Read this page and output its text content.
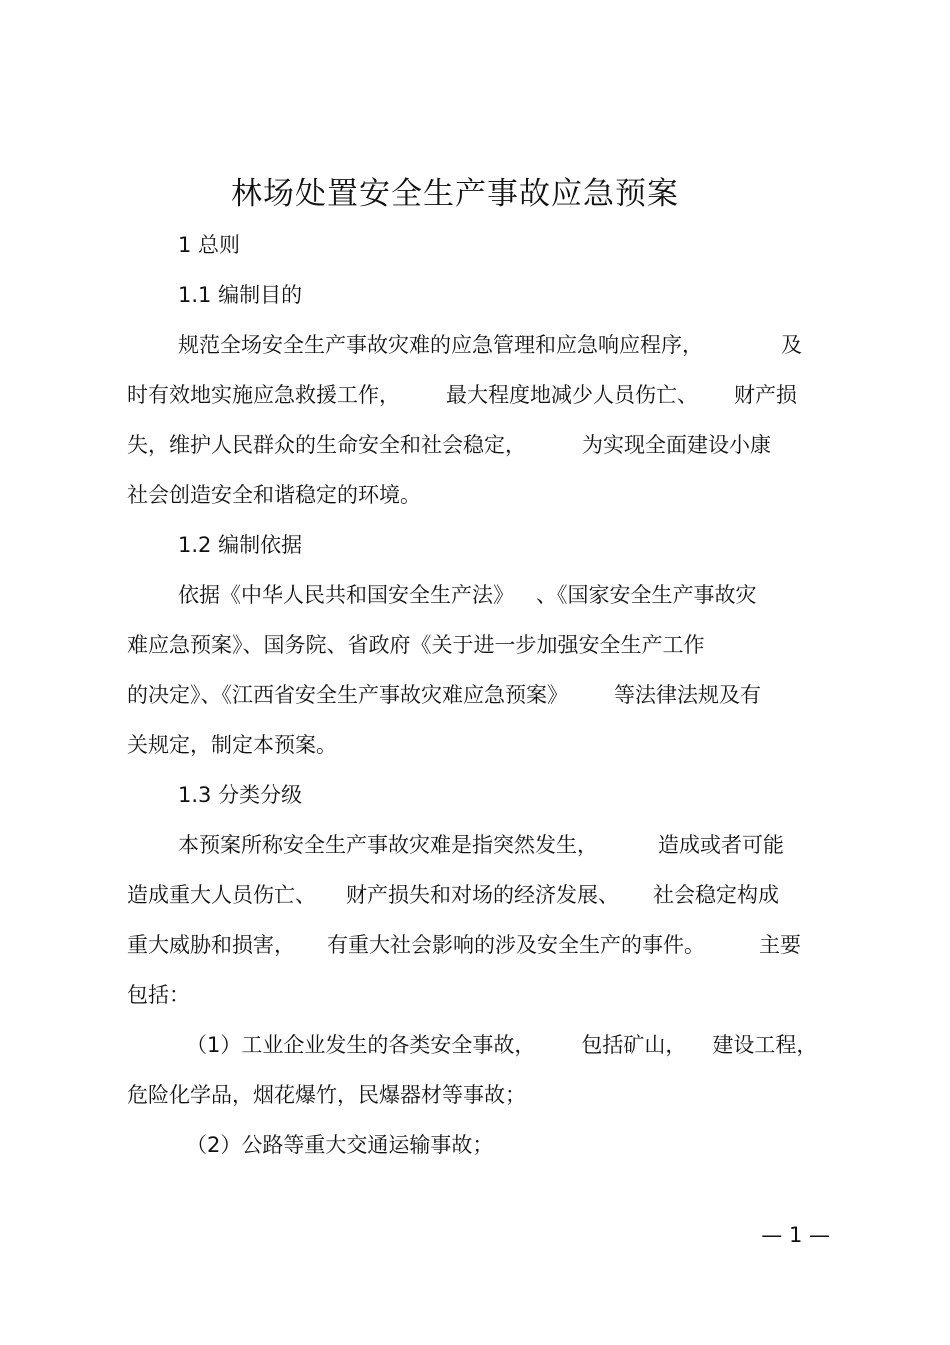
林场处置安全生产事故应急预案
1 总则
1.1 编制目的
规范全场安全生产事故灾难的应急管理和应急响应程序，	及
时有效地实施应急救援工作， 最大程度地减少人员伤亡、 财产损
失，维护人民群众的生命安全和社会稳定，	为实现全面建设小康
社会创造安全和谐稳定的环境。
1.2 编制依据
依据《中华人民共和国安全生产法》 、《国家安全生产事故灾
难应急预案》、国务院、省政府《关于进一步加强安全生产工作
的决定》、《江西省安全生产事故灾难应急预案》 等法律法规及有
关规定，制定本预案。
1.3 分类分级
本预案所称安全生产事故灾难是指突然发生，	造成或者可能
造成重大人员伤亡、 财产损失和对场的经济发展、 社会稳定构成
重大威胁和损害， 有重大社会影响的涉及安全生产的事件。	主要
包括：
（1）工业企业发生的各类安全事故， 包括矿山， 建设工程，
危险化学品，烟花爆竹，民爆器材等事故；
（2）公路等重大交通运输事故；
— 1 —
